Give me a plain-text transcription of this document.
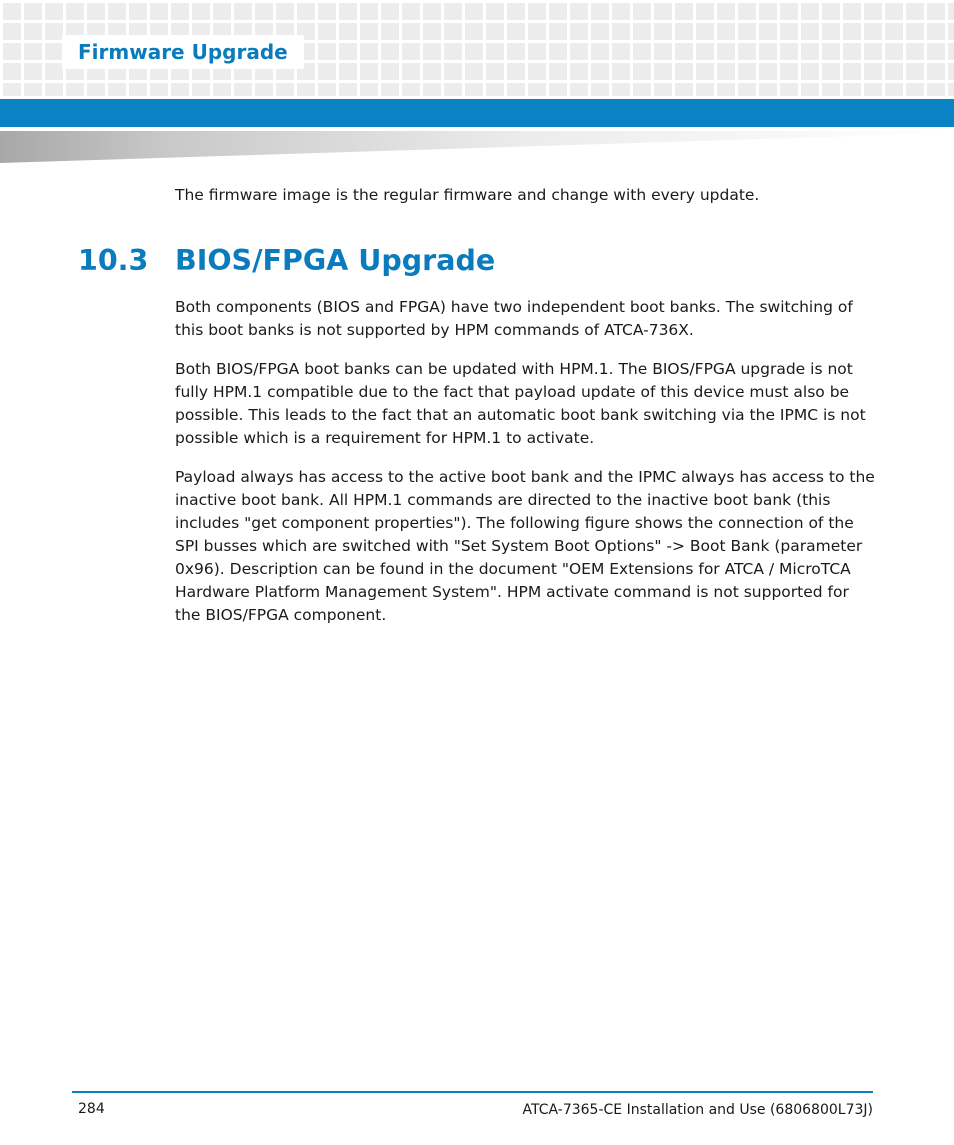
Firmware Upgrade

The firmware image is the regular firmware and change with every update.

10.3 BIOS/FPGA Upgrade

Both components (BIOS and FPGA) have two independent boot banks. The switching of this boot banks is not supported by HPM commands of ATCA-736X.

Both BIOS/FPGA boot banks can be updated with HPM.1. The BIOS/FPGA upgrade is not fully HPM.1 compatible due to the fact that payload update of this device must also be possible. This leads to the fact that an automatic boot bank switching via the IPMC is not possible which is a requirement for HPM.1 to activate.

Payload always has access to the active boot bank and the IPMC always has access to the inactive boot bank. All HPM.1 commands are directed to the inactive boot bank (this includes "get component properties"). The following figure shows the connection of the SPI busses which are switched with "Set System Boot Options" -> Boot Bank (parameter 0x96). Description can be found in the document "OEM Extensions for ATCA / MicroTCA Hardware Platform Management System". HPM activate command is not supported for the BIOS/FPGA component.

284	ATCA-7365-CE Installation and Use (6806800L73J)
